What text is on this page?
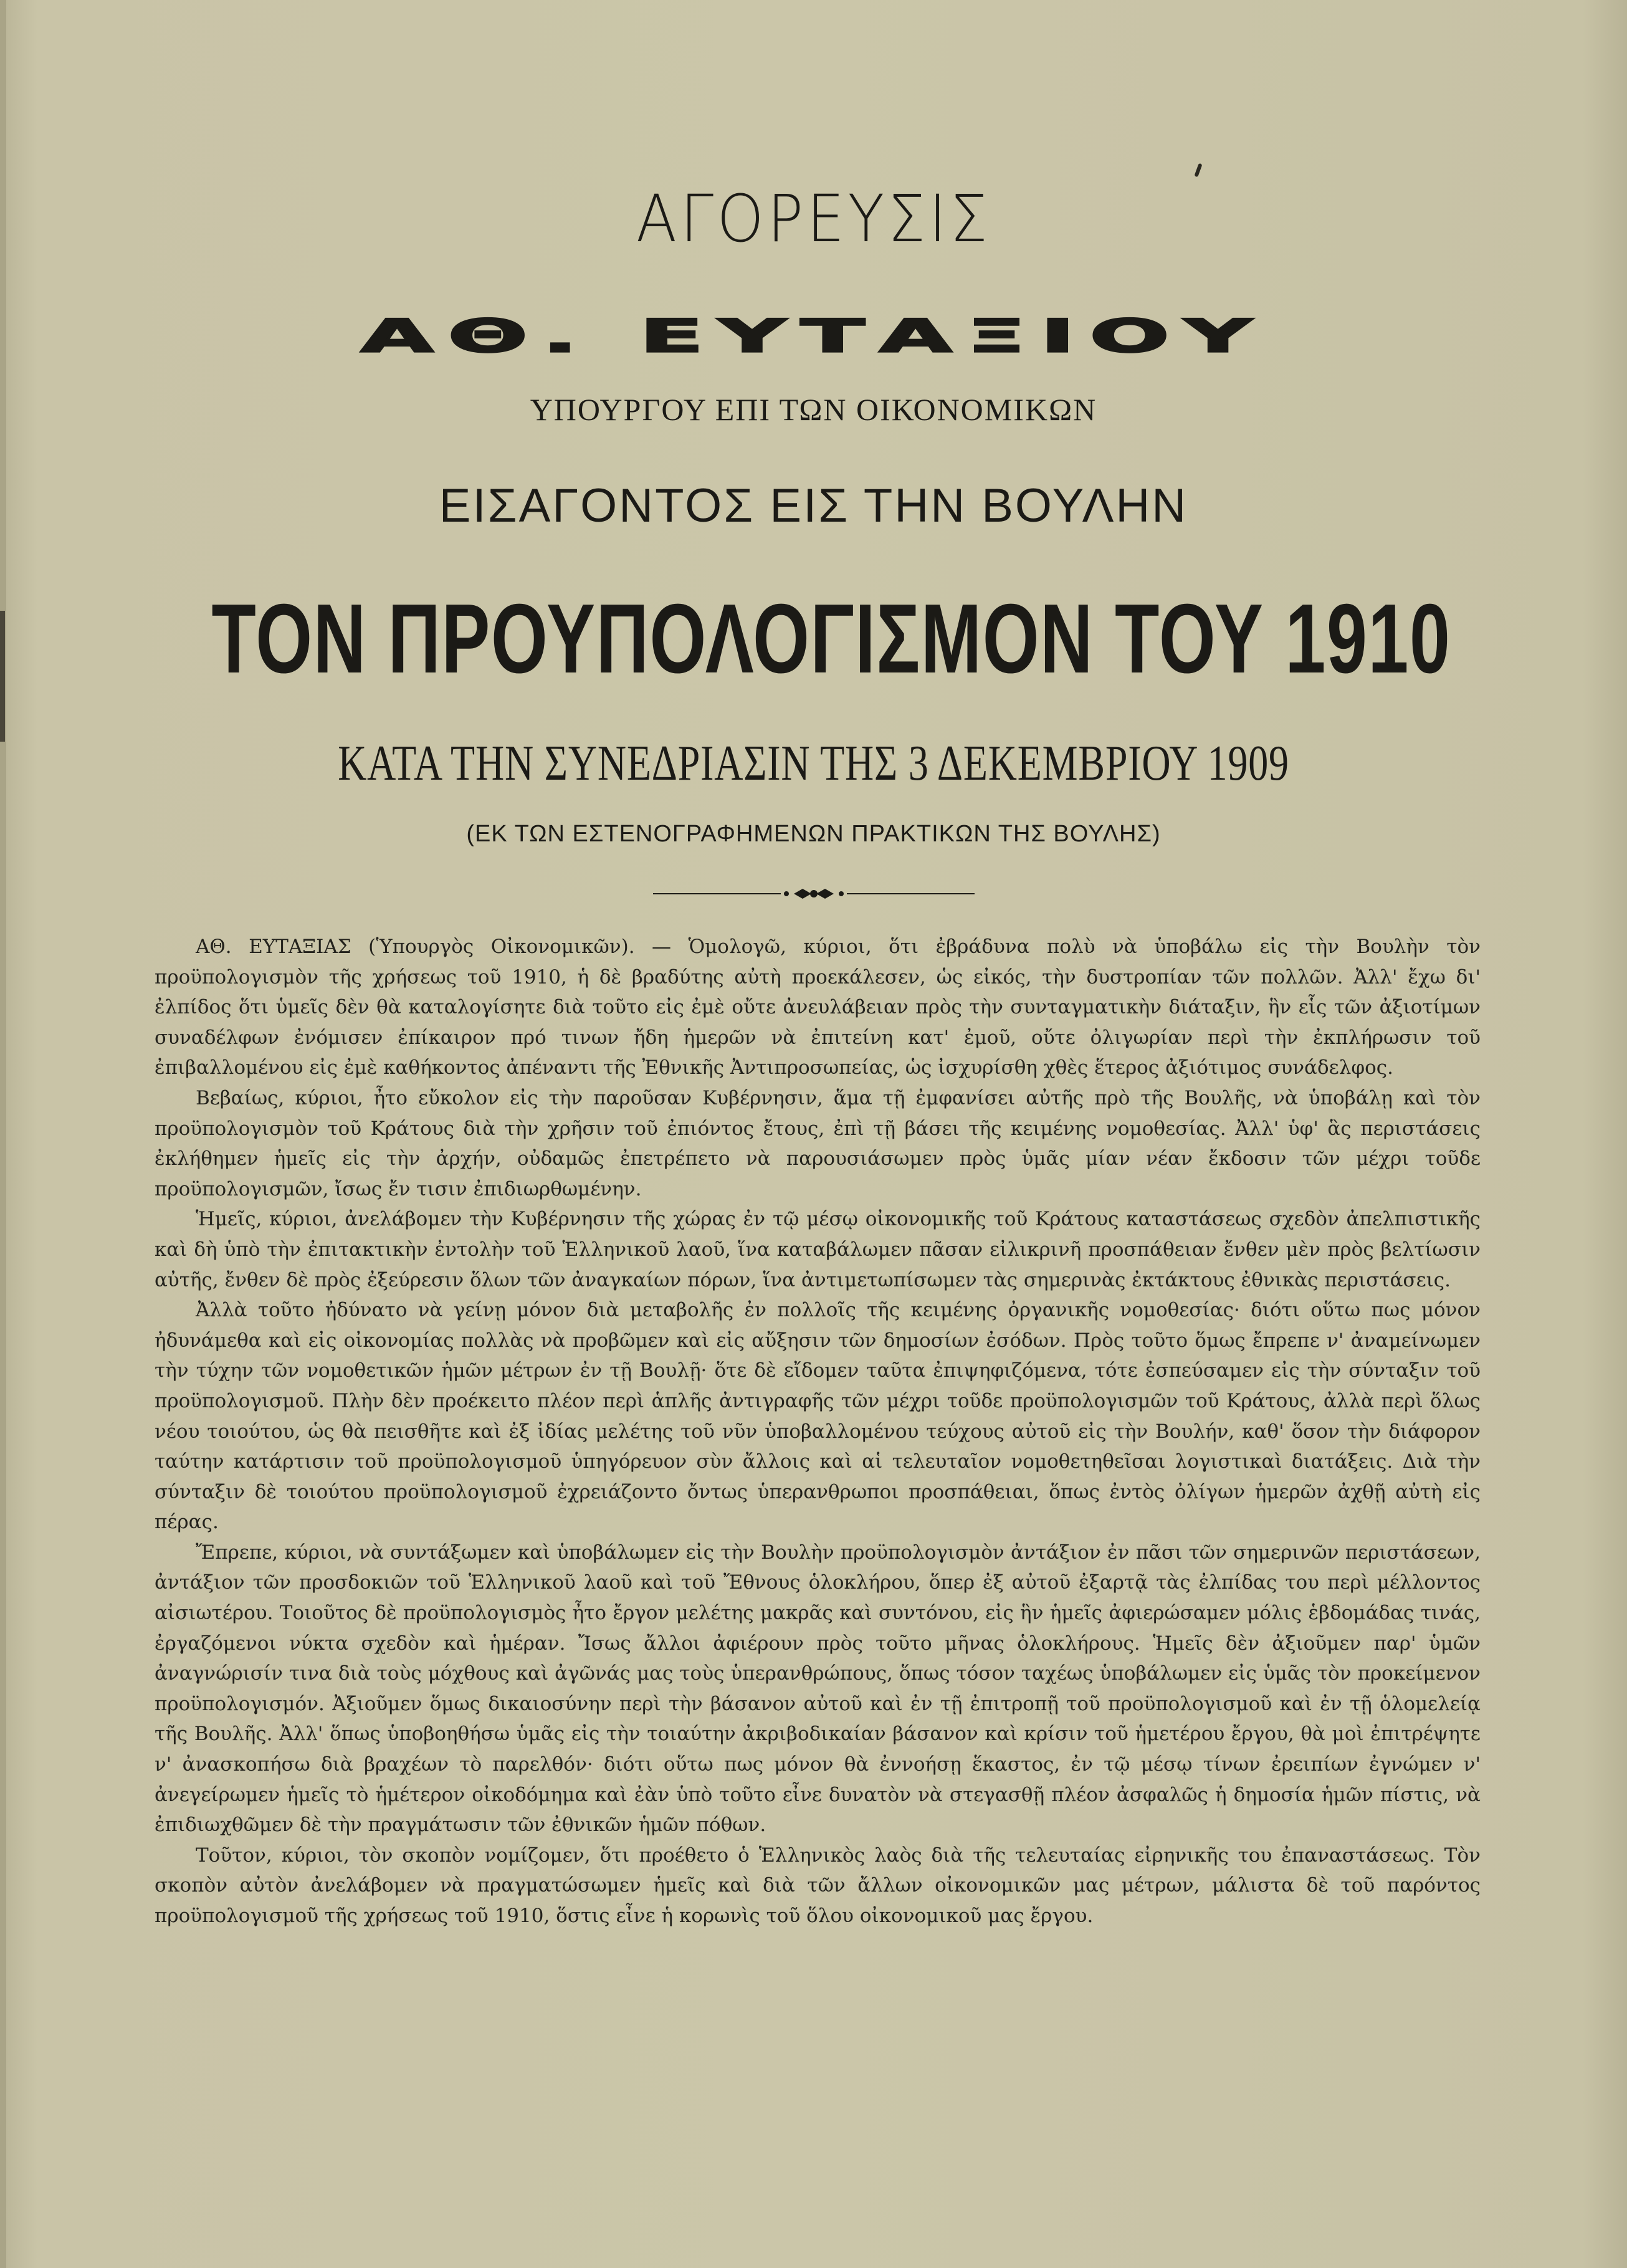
ΑΓΟΡΕΥΣΙΣ
ΑΘ. ΕΥΤΑΞΙΟΥ
ΥΠΟΥΡΓΟΥ ΕΠΙ ΤΩΝ ΟΙΚΟΝΟΜΙΚΩΝ
ΕΙΣΑΓΟΝΤΟΣ ΕΙΣ ΤΗΝ ΒΟΥΛΗΝ
ΤΟΝ ΠΡΟΥΠΟΛΟΓΙΣΜΟΝ ΤΟΥ 1910
ΚΑΤΑ ΤΗΝ ΣΥΝΕΔΡΙΑΣΙΝ ΤΗΣ 3 ΔΕΚΕΜΒΡΙΟΥ 1909
(ΕΚ ΤΩΝ ΕΣΤΕΝΟΓΡΑΦΗΜΕΝΩΝ ΠΡΑΚΤΙΚΩΝ ΤΗΣ ΒΟΥΛΗΣ)

ΑΘ. ΕΥΤΑΞΙΑΣ (Ὑπουργὸς Οἰκονομικῶν). — Ὁμολογῶ, κύριοι, ὅτι ἐβράδυνα πολὺ νὰ ὑποβάλω εἰς τὴν Βουλὴν τὸν προϋπολογισμὸν τῆς χρήσεως τοῦ 1910, ἡ δὲ βραδύτης αὐτὴ προεκάλεσεν, ὡς εἰκός, τὴν δυστροπίαν τῶν πολλῶν. Ἀλλ' ἔχω δι' ἐλπίδος ὅτι ὑμεῖς δὲν θὰ καταλογίσητε διὰ τοῦτο εἰς ἐμὲ οὔτε ἀνευλάβειαν πρὸς τὴν συνταγματικὴν διάταξιν, ἣν εἷς τῶν ἀξιοτίμων συναδέλφων ἐνόμισεν ἐπίκαιρον πρό τινων ἤδη ἡμερῶν νὰ ἐπιτείνη κατ' ἐμοῦ, οὔτε ὀλιγωρίαν περὶ τὴν ἐκπλήρωσιν τοῦ ἐπιβαλλομένου εἰς ἐμὲ καθήκοντος ἀπέναντι τῆς Ἐθνικῆς Ἀντιπροσωπείας, ὡς ἰσχυρίσθη χθὲς ἕτερος ἀξιότιμος συνάδελφος.

Βεβαίως, κύριοι, ἦτο εὔκολον εἰς τὴν παροῦσαν Κυβέρνησιν, ἅμα τῇ ἐμφανίσει αὐτῆς πρὸ τῆς Βουλῆς, νὰ ὑποβάλῃ καὶ τὸν προϋπολογισμὸν τοῦ Κράτους διὰ τὴν χρῆσιν τοῦ ἐπιόντος ἔτους, ἐπὶ τῇ βάσει τῆς κειμένης νομοθεσίας. Ἀλλ' ὑφ' ἃς περιστάσεις ἐκλήθημεν ἡμεῖς εἰς τὴν ἀρχήν, οὐδαμῶς ἐπετρέπετο νὰ παρουσιάσωμεν πρὸς ὑμᾶς μίαν νέαν ἔκδοσιν τῶν μέχρι τοῦδε προϋπολογισμῶν, ἴσως ἔν τισιν ἐπιδιωρθωμένην.

Ἡμεῖς, κύριοι, ἀνελάβομεν τὴν Κυβέρνησιν τῆς χώρας ἐν τῷ μέσῳ οἰκονομικῆς τοῦ Κράτους καταστάσεως σχεδὸν ἀπελπιστικῆς καὶ δὴ ὑπὸ τὴν ἐπιτακτικὴν ἐντολὴν τοῦ Ἑλληνικοῦ λαοῦ, ἵνα καταβάλωμεν πᾶσαν εἰλικρινῆ προσπάθειαν ἔνθεν μὲν πρὸς βελτίωσιν αὐτῆς, ἔνθεν δὲ πρὸς ἐξεύρεσιν ὅλων τῶν ἀναγκαίων πόρων, ἵνα ἀντιμετωπίσωμεν τὰς σημερινὰς ἐκτάκτους ἐθνικὰς περιστάσεις.

Ἀλλὰ τοῦτο ἠδύνατο νὰ γείνῃ μόνον διὰ μεταβολῆς ἐν πολλοῖς τῆς κειμένης ὀργανικῆς νομοθεσίας· διότι οὕτω πως μόνον ἠδυνάμεθα καὶ εἰς οἰκονομίας πολλὰς νὰ προβῶμεν καὶ εἰς αὔξησιν τῶν δημοσίων ἐσόδων. Πρὸς τοῦτο ὅμως ἔπρεπε ν' ἀναμείνωμεν τὴν τύχην τῶν νομοθετικῶν ἡμῶν μέτρων ἐν τῇ Βουλῇ· ὅτε δὲ εἴδομεν ταῦτα ἐπιψηφιζόμενα, τότε ἐσπεύσαμεν εἰς τὴν σύνταξιν τοῦ προϋπολογισμοῦ. Πλὴν δὲν προέκειτο πλέον περὶ ἁπλῆς ἀντιγραφῆς τῶν μέχρι τοῦδε προϋπολογισμῶν τοῦ Κράτους, ἀλλὰ περὶ ὅλως νέου τοιούτου, ὡς θὰ πεισθῆτε καὶ ἐξ ἰδίας μελέτης τοῦ νῦν ὑποβαλλομένου τεύχους αὐτοῦ εἰς τὴν Βουλήν, καθ' ὅσον τὴν διάφορον ταύτην κατάρτισιν τοῦ προϋπολογισμοῦ ὑπηγόρευον σὺν ἄλλοις καὶ αἱ τελευταῖον νομοθετηθεῖσαι λογιστικαὶ διατάξεις. Διὰ τὴν σύνταξιν δὲ τοιούτου προϋπολογισμοῦ ἐχρειάζοντο ὄντως ὑπερανθρωποι προσπάθειαι, ὅπως ἐντὸς ὀλίγων ἡμερῶν ἀχθῇ αὐτὴ εἰς πέρας.

Ἔπρεπε, κύριοι, νὰ συντάξωμεν καὶ ὑποβάλωμεν εἰς τὴν Βουλὴν προϋπολογισμὸν ἀντάξιον ἐν πᾶσι τῶν σημερινῶν περιστάσεων, ἀντάξιον τῶν προσδοκιῶν τοῦ Ἑλληνικοῦ λαοῦ καὶ τοῦ Ἔθνους ὁλοκλήρου, ὅπερ ἐξ αὐτοῦ ἐξαρτᾷ τὰς ἐλπίδας του περὶ μέλλοντος αἰσιωτέρου. Τοιοῦτος δὲ προϋπολογισμὸς ἦτο ἔργον μελέτης μακρᾶς καὶ συντόνου, εἰς ἣν ἡμεῖς ἀφιερώσαμεν μόλις ἑβδομάδας τινάς, ἐργαζόμενοι νύκτα σχεδὸν καὶ ἡμέραν. Ἴσως ἄλλοι ἀφιέρουν πρὸς τοῦτο μῆνας ὁλοκλήρους. Ἡμεῖς δὲν ἀξιοῦμεν παρ' ὑμῶν ἀναγνώρισίν τινα διὰ τοὺς μόχθους καὶ ἀγῶνάς μας τοὺς ὑπερανθρώπους, ὅπως τόσον ταχέως ὑποβάλωμεν εἰς ὑμᾶς τὸν προκείμενον προϋπολογισμόν. Ἀξιοῦμεν ὅμως δικαιοσύνην περὶ τὴν βάσανον αὐτοῦ καὶ ἐν τῇ ἐπιτροπῇ τοῦ προϋπολογισμοῦ καὶ ἐν τῇ ὁλομελείᾳ τῆς Βουλῆς. Ἀλλ' ὅπως ὑποβοηθήσω ὑμᾶς εἰς τὴν τοιαύτην ἀκριβοδικαίαν βάσανον καὶ κρίσιν τοῦ ἡμετέρου ἔργου, θὰ μοὶ ἐπιτρέψητε ν' ἀνασκοπήσω διὰ βραχέων τὸ παρελθόν· διότι οὕτω πως μόνον θὰ ἐννοήσῃ ἕκαστος, ἐν τῷ μέσῳ τίνων ἐρειπίων ἐγνώμεν ν' ἀνεγείρωμεν ἡμεῖς τὸ ἡμέτερον οἰκοδόμημα καὶ ἐὰν ὑπὸ τοῦτο εἶνε δυνατὸν νὰ στεγασθῇ πλέον ἀσφαλῶς ἡ δημοσία ἡμῶν πίστις, νὰ ἐπιδιωχθῶμεν δὲ τὴν πραγμάτωσιν τῶν ἐθνικῶν ἡμῶν πόθων.

Τοῦτον, κύριοι, τὸν σκοπὸν νομίζομεν, ὅτι προέθετο ὁ Ἑλληνικὸς λαὸς διὰ τῆς τελευταίας εἰρηνικῆς του ἐπαναστάσεως. Τὸν σκοπὸν αὐτὸν ἀνελάβομεν νὰ πραγματώσωμεν ἡμεῖς καὶ διὰ τῶν ἄλλων οἰκονομικῶν μας μέτρων, μάλιστα δὲ τοῦ παρόντος προϋπολογισμοῦ τῆς χρήσεως τοῦ 1910, ὅστις εἶνε ἡ κορωνὶς τοῦ ὅλου οἰκονομικοῦ μας ἔργου.
